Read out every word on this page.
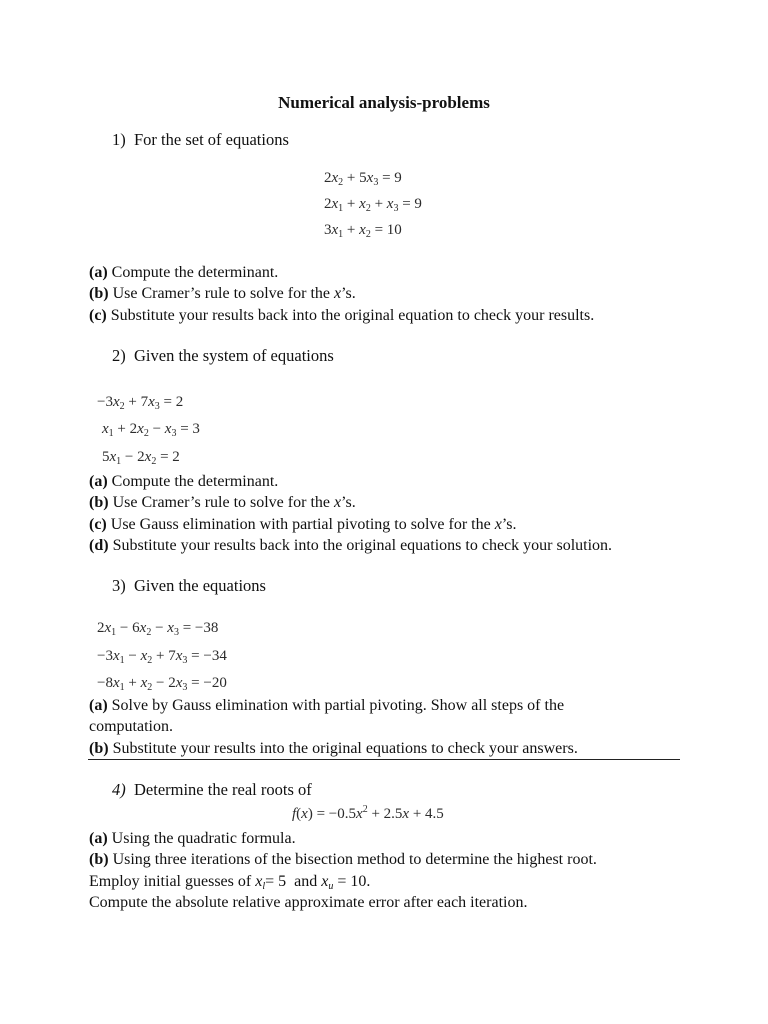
Numerical analysis-problems
1) For the set of equations
$2x_2 + 5x_3 = 9$
$2x_1 + x_2 + x_3 = 9$
$3x_1 + x_2 = 10$
(a) Compute the determinant.
(b) Use Cramer’s rule to solve for the x’s.
(c) Substitute your results back into the original equation to check your results.
2) Given the system of equations
$-3x_2 + 7x_3 = 2$
$x_1 + 2x_2 - x_3 = 3$
$5x_1 - 2x_2 = 2$
(a) Compute the determinant.
(b) Use Cramer’s rule to solve for the x’s.
(c) Use Gauss elimination with partial pivoting to solve for the x’s.
(d) Substitute your results back into the original equations to check your solution.
3) Given the equations
$2x_1 - 6x_2 - x_3 = -38$
$-3x_1 - x_2 + 7x_3 = -34$
$-8x_1 + x_2 - 2x_3 = -20$
(a) Solve by Gauss elimination with partial pivoting. Show all steps of the
computation.
(b) Substitute your results into the original equations to check your answers.
4) Determine the real roots of
$f(x) = -0.5x^2 + 2.5x + 4.5$
(a) Using the quadratic formula.
(b) Using three iterations of the bisection method to determine the highest root.
Employ initial guesses of $x_l= 5$  and $x_u = 10$.
Compute the absolute relative approximate error after each iteration.
